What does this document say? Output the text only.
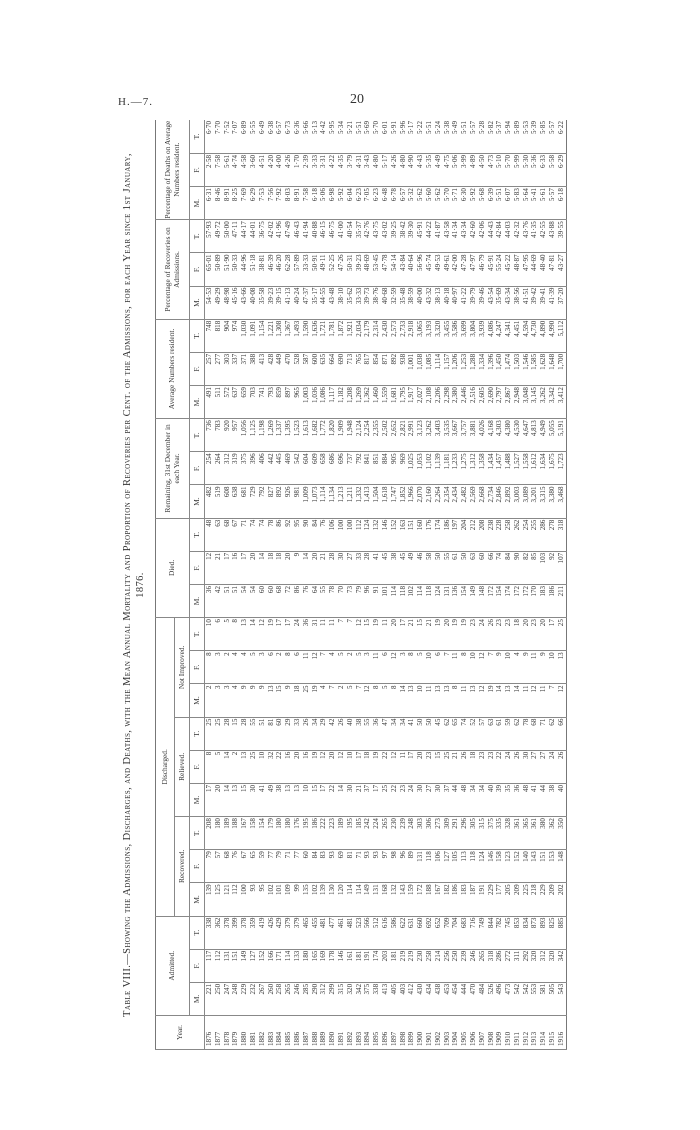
H.—7.	20
Table VIII.—Showing the Admissions, Discharges, and Deaths, with the Mean Annual Mortality and Proportion of Recoveries per Cent. of the Admissions, for each Year since 1st January, 1876.
Year.	Admitted.			Discharged.									Died.			Remaining, 31st December in each Year.			Average Numbers resident.			Percentage of Recoveries on Admissions.			Percentage of Deaths on Average Numbers resident.		
				Recovered.			Relieved.			Not Improved.																	
	M.	F.	T.	M.	F.	T.	M.	F.	T.	M.	F.	T.	M.	F.	T.	M.	F.	T.	M.	F.	T.	M.	F.	T.	M.	F.	T.
1876	221	117	338	139	79	208	17	8	25	2	8	10	36	12	48	482	254	736	491	257	748	54·53	65·01	57·93	6·31	2·58	6·70
1877	250	112	362	125	57	180	20	5	25	3	3	6	42	21	63	519	264	783	511	277	818	49·29	50·89	49·72	8·46	7·58	7·70
1878	247	131	378	121	68	189	14	14	28	3	2	5	51	17	68	608	312	920	572	303	904	48·98	51·90	50·00	8·91	5·61	7·52
1879	248	151	399	112	76	188	13	2	15	4	4	8	51	16	67	638	319	957	637	337	974	45·16	50·33	47·11	8·25	4·74	7·07
1880	229	149	378	100	67	167	15	13	28	9	4	13	54	17	71	681	375	1,056	659	371	1,030	43·66	44·96	44·17	7·69	4·58	6·89
1881	232	127	359	93	65	158	30	25	55	9	5	14	54	20	74	729	396	1,125	703	388	1,091	40·08	51·18	44·01	6·29	3·60	5·55
1882	267	152	419	95	59	154	41	10	51	9	3	12	60	14	74	792	406	1,198	741	413	1,154	35·58	38·81	36·75	7·53	4·51	6·49
1883	260	166	426	102	77	179	49	32	81	13	6	19	60	18	78	827	442	1,269	793	428	1,221	39·23	46·39	42·02	7·56	4·20	6·38
1884	258	171	429	101	79	180	38	22	60	15	2	17	68	18	86	892	445	1,337	859	449	1,308	39·15	46·20	41·96	7·92	4·00	6·57
1885	265	114	379	109	71	180	13	16	29	9	8	17	72	20	92	926	469	1,395	897	470	1,367	41·13	62·28	47·49	8·03	4·26	6·73
1886	246	133	379	99	77	176	13	20	33	18	6	24	86	9	95	981	542	1,523	965	528	1,493	40·24	57·89	46·43	8·91	1·70	6·36
1887	285	180	465	135	60	195	10	16	26	25	11	36	76	14	90	1,009	604	1,613	1,003	587	1,590	47·37	33·33	41·94	7·58	2·39	5·66
1888	290	165	455	102	84	186	15	19	34	19	12	31	64	20	84	1,073	609	1,682	1,036	600	1,636	35·17	50·91	40·88	6·18	3·33	5·13
1889	312	169	481	139	83	222	17	12	29	4	7	11	55	21	76	1,114	658	1,772	1,086	635	1,721	44·55	49·11	46·15	5·06	3·31	4·42
1890	299	178	477	130	93	223	22	20	42	7	4	11	78	28	106	1,134	686	1,820	1,117	664	1,781	43·48	52·25	46·75	6·98	4·22	5·95
1891	315	146	461	120	69	189	14	12	26	2	5	7	70	30	100	1,213	696	1,909	1,182	690	1,872	38·10	47·26	41·00	5·92	4·35	5·34
1892	320	161	481	114	81	195	30	10	40	5	2	7	73	27	100	1,211	737	1,948	1,208	713	1,921	35·62	50·31	40·54	6·04	3·79	5·21
1893	342	181	523	114	71	185	21	17	38	7	5	12	79	33	112	1,332	792	2,124	1,269	765	2,034	33·33	39·23	35·37	6·23	4·31	5·51
1894	375	191	566	149	93	242	37	18	55	12	3	15	96	28	124	1,413	841	2,254	1,362	817	2,179	39·73	48·69	42·76	7·05	3·43	5·69
1895	338	174	512	131	93	224	17	19	36	8	11	19	91	41	132	1,504	851	2,355	1,460	854	2,314	38·76	53·45	43·75	6·23	4·80	5·70
1896	413	203	616	168	97	265	25	22	47	5	6	11	101	45	146	1,618	884	2,502	1,559	871	2,430	40·68	47·78	43·02	6·48	5·17	6·01
1897	405	181	586	132	98	230	22	12	34	8	12	20	114	38	152	1,747	905	2,652	1,681	892	2,573	32·59	54·14	39·25	6·78	4·26	5·91
1898	403	219	622	143	96	239	23	11	34	14	3	17	118	45	163	1,852	969	2,821	1,795	938	2,733	35·48	43·84	38·42	6·57	4·80	5·96
1899	412	219	631	159	89	248	24	17	41	13	8	21	102	49	151	1,966	1,025	2,991	1,917	1,001	2,918	38·59	40·64	39·30	5·32	4·90	5·17
1900	430	230	660	172	131	303	30	20	50	10	5	15	114	46	160	2,070	1,053	3,123	2,027	1,038	3,065	40·00	56·96	45·91	5·62	4·43	5·22
1901	434	258	692	188	118	306	27	23	50	11	10	21	118	58	176	2,160	1,102	3,262	2,108	1,085	3,193	43·32	45·74	44·22	5·60	5·35	5·51
1902	438	214	652	167	106	273	30	15	45	13	6	19	124	50	174	2,264	1,139	3,403	2,206	1,114	3,320	38·13	49·53	41·87	5·62	4·49	5·24
1903	453	256	709	182	127	309	37	25	62	13	7	20	131	55	186	2,354	1,181	3,535	2,298	1,157	3,455	40·18	49·61	43·58	5·70	4·75	5·38
1904	454	250	704	186	105	291	44	21	65	8	11	19	136	61	197	2,434	1,233	3,667	2,380	1,206	3,586	40·97	42·00	41·34	5·71	5·06	5·49
1905	444	239	683	183	113	296	48	26	74	11	8	19	154	50	204	2,482	1,275	3,757	2,446	1,253	3,699	41·22	47·28	43·34	6·30	3·99	5·51
1906	470	246	716	187	118	305	34	18	52	13	10	23	149	63	212	2,569	1,312	3,881	2,516	1,288	3,804	39·79	47·97	42·60	5·92	4·89	5·57
1907	484	265	749	191	124	315	34	23	57	12	12	24	148	60	208	2,668	1,358	4,026	2,605	1,334	3,939	39·46	46·79	42·06	5·68	4·50	5·28
1908	526	318	844	229	146	375	40	23	63	19	7	26	172	66	238	2,734	1,434	4,168	2,690	1,396	4,086	43·54	45·91	44·43	6·39	4·73	5·82
1909	496	286	782	177	158	335	39	22	61	14	9	23	154	74	228	2,846	1,457	4,303	2,797	1,450	4,247	35·69	55·24	42·84	5·51	5·10	5·37
1910	473	272	745	205	123	328	35	24	59	13	10	23	174	84	258	2,892	1,488	4,380	2,867	1,474	4,341	43·34	45·22	44·03	6·07	5·70	5·94
1911	542	311	853	209	152	361	36	26	62	14	4	18	172	90	262	3,003	1,527	4,530	2,948	1,503	4,451	38·56	48·87	42·32	5·83	5·99	5·89
1912	542	292	834	225	140	365	48	30	78	11	9	20	172	82	254	3,089	1,558	4,647	3,048	1,546	4,594	41·51	47·95	43·76	5·64	5·30	5·53
1913	553	320	873	218	143	361	41	27	68	12	11	23	170	85	255	3,201	1,612	4,813	3,145	1,585	4,730	39·42	44·69	41·35	5·41	5·36	5·39
1914	581	312	893	229	151	380	44	27	71	11	9	20	183	103	286	3,315	1,634	4,949	3,262	1,628	4,890	39·41	48·40	42·55	5·61	6·33	5·85
1915	505	320	825	209	153	362	38	24	62	7	10	17	186	92	278	3,380	1,675	5,055	3,342	1,648	4,990	41·39	47·81	43·88	5·57	5·58	5·57
1916	543	342	885	202	148	350	40	26	66	12	13	25	211	107	318	3,468	1,723	5,191	3,412	1,700	5,112	37·20	43·27	39·55	6·18	6·29	6·22
